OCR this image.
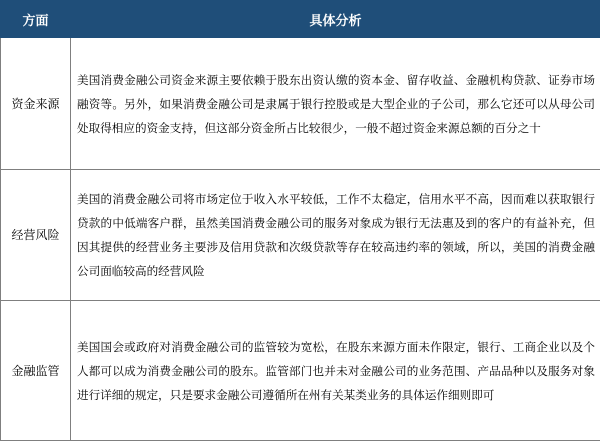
方面	具体分析
资金来源	美国消费金融公司资金来源主要依赖于股东出资认缴的资本金、留存收益、金融机构贷款、证券市场融资等。另外，如果消费金融公司是隶属于银行控股或是大型企业的子公司，那么它还可以从母公司处取得相应的资金支持，但这部分资金所占比较很少，一般不超过资金来源总额的百分之十
经营风险	美国的消费金融公司将市场定位于收入水平较低，工作不太稳定，信用水平不高，因而难以获取银行贷款的中低端客户群，虽然美国消费金融公司的服务对象成为银行无法惠及到的客户的有益补充，但因其提供的经营业务主要涉及信用贷款和次级贷款等存在较高违约率的领域，所以，美国的消费金融公司面临较高的经营风险
金融监管	美国国会或政府对消费金融公司的监管较为宽松，在股东来源方面未作限定，银行、工商企业以及个人都可以成为消费金融公司的股东。监管部门也并未对金融公司的业务范围、产品品种以及服务对象进行详细的规定，只是要求金融公司遵循所在州有关某类业务的具体运作细则即可
